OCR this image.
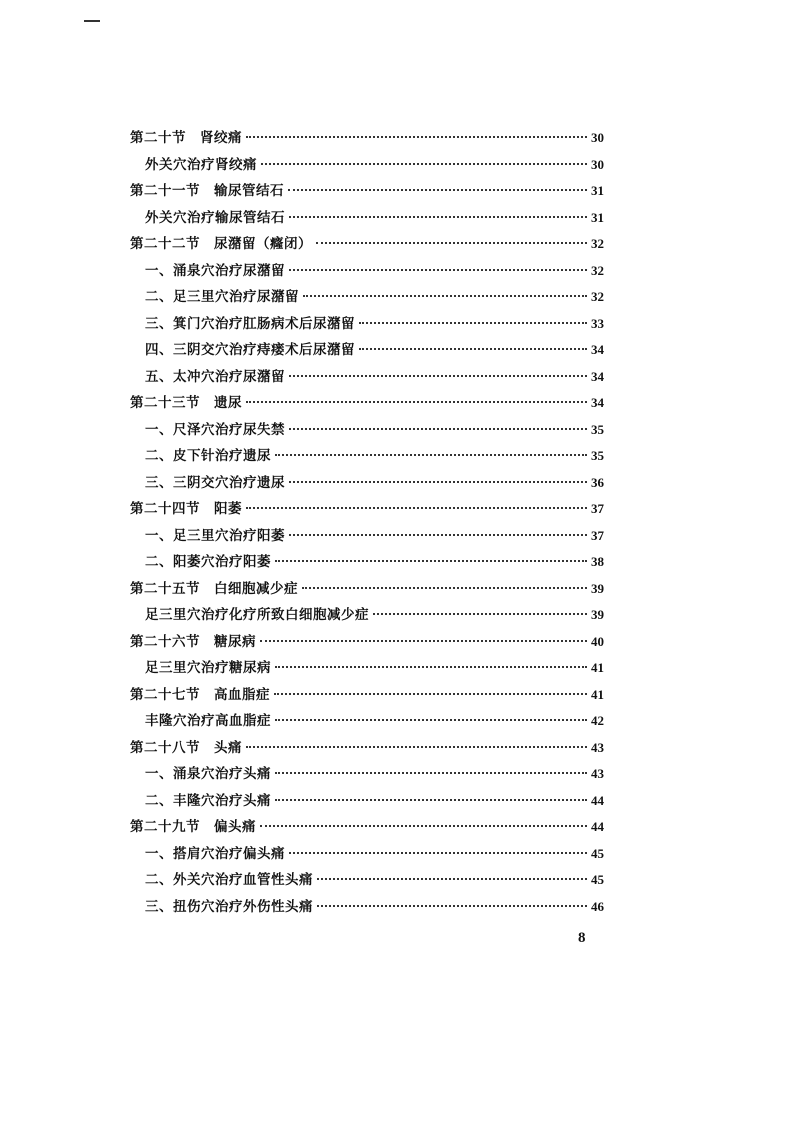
第二十节　肾绞痛	30
外关穴治疗肾绞痛	30
第二十一节　输尿管结石	31
外关穴治疗输尿管结石	31
第二十二节　尿潴留（癃闭）	32
一、涌泉穴治疗尿潴留	32
二、足三里穴治疗尿潴留	32
三、箕门穴治疗肛肠病术后尿潴留	33
四、三阴交穴治疗痔瘘术后尿潴留	34
五、太冲穴治疗尿潴留	34
第二十三节　遗尿	34
一、尺泽穴治疗尿失禁	35
二、皮下针治疗遗尿	35
三、三阴交穴治疗遗尿	36
第二十四节　阳萎	37
一、足三里穴治疗阳萎	37
二、阳萎穴治疗阳萎	38
第二十五节　白细胞减少症	39
足三里穴治疗化疗所致白细胞减少症	39
第二十六节　糖尿病	40
足三里穴治疗糖尿病	41
第二十七节　高血脂症	41
丰隆穴治疗高血脂症	42
第二十八节　头痛	43
一、涌泉穴治疗头痛	43
二、丰隆穴治疗头痛	44
第二十九节　偏头痛	44
一、搭肩穴治疗偏头痛	45
二、外关穴治疗血管性头痛	45
三、扭伤穴治疗外伤性头痛	46
8
